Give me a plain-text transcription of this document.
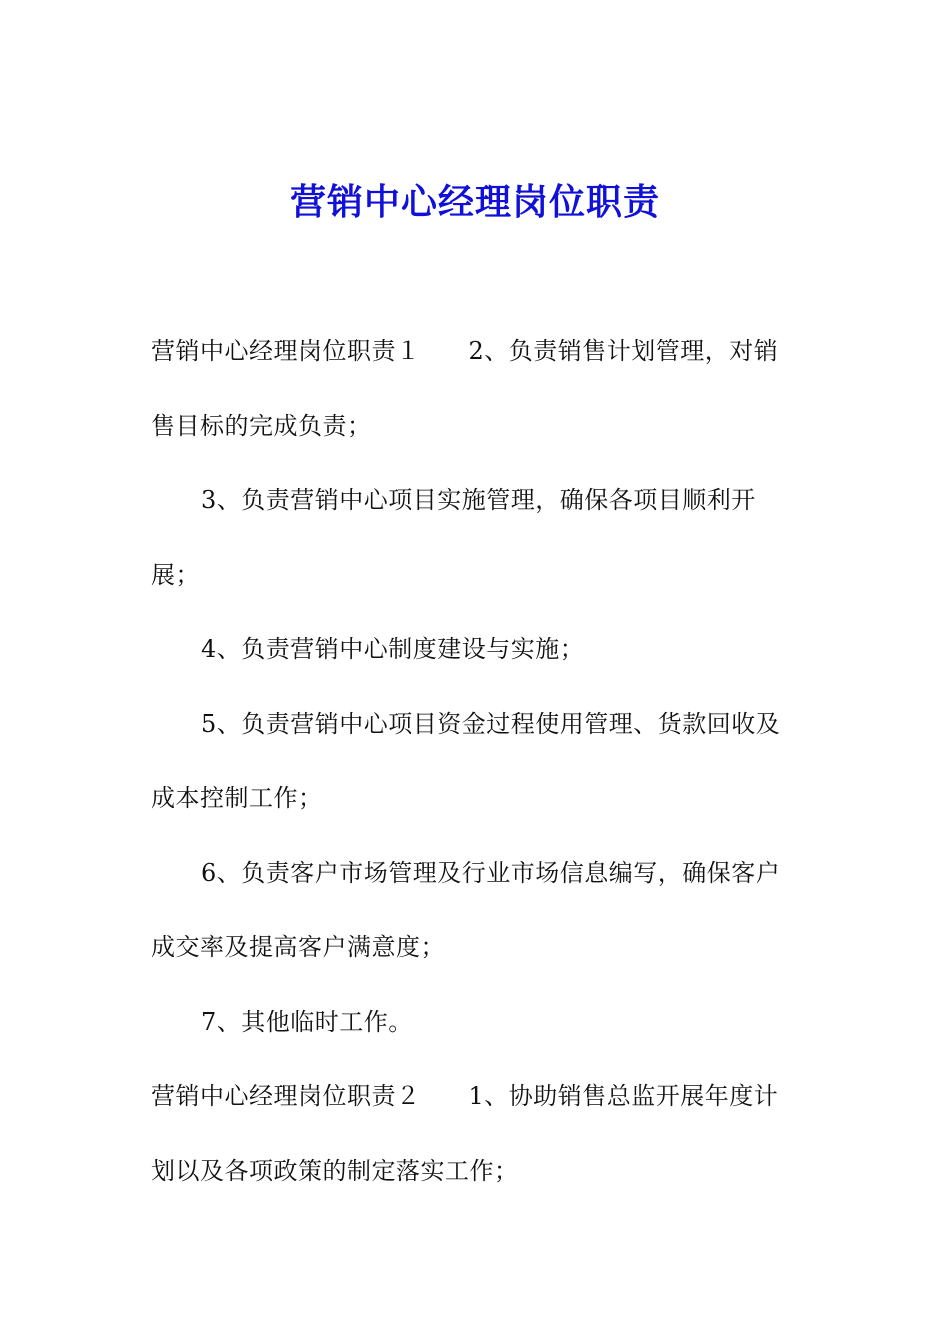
营销中心经理岗位职责
营销中心经理岗位职责１ 2、负责销售计划管理，对销
售目标的完成负责；
3、负责营销中心项目实施管理，确保各项目顺利开
展；
4、负责营销中心制度建设与实施；
5、负责营销中心项目资金过程使用管理、货款回收及
成本控制工作；
6、负责客户市场管理及行业市场信息编写，确保客户
成交率及提高客户满意度；
7、其他临时工作。
营销中心经理岗位职责２ 1、协助销售总监开展年度计
划以及各项政策的制定落实工作；
